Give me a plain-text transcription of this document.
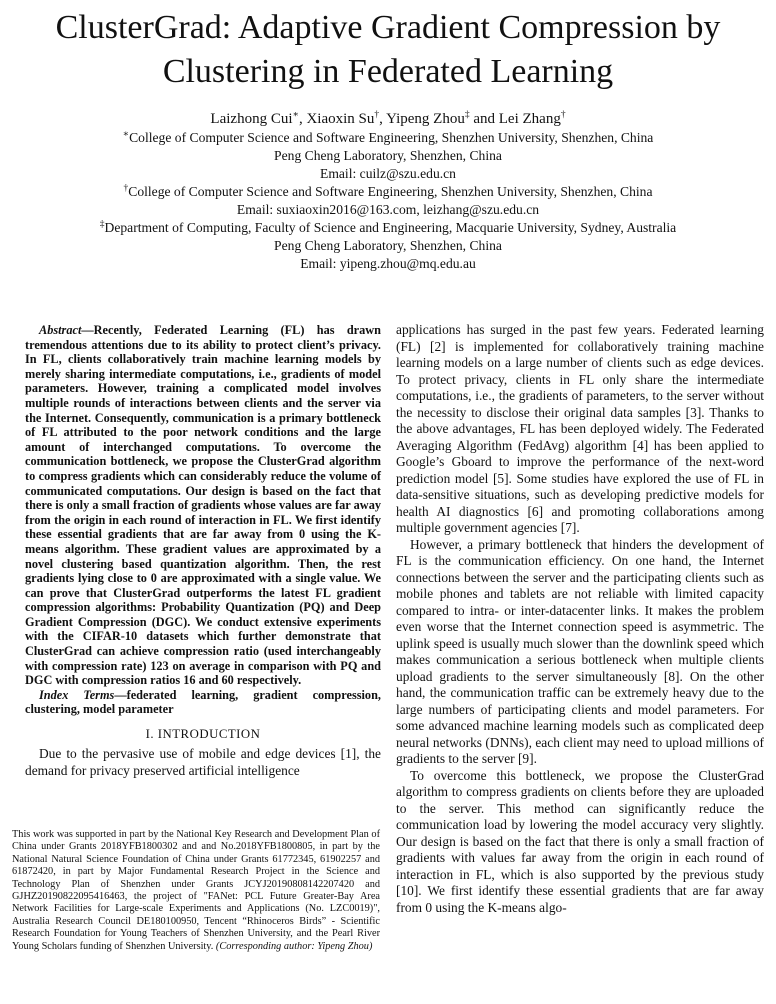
ClusterGrad: Adaptive Gradient Compression by
Clustering in Federated Learning
Laizhong Cui∗, Xiaoxin Su†, Yipeng Zhou‡ and Lei Zhang†
∗College of Computer Science and Software Engineering, Shenzhen University, Shenzhen, China
Peng Cheng Laboratory, Shenzhen, China
Email: cuilz@szu.edu.cn
†College of Computer Science and Software Engineering, Shenzhen University, Shenzhen, China
Email: suxiaoxin2016@163.com, leizhang@szu.edu.cn
‡Department of Computing, Faculty of Science and Engineering, Macquarie University, Sydney, Australia
Peng Cheng Laboratory, Shenzhen, China
Email: yipeng.zhou@mq.edu.au

Abstract—Recently, Federated Learning (FL) has drawn tremendous attentions due to its ability to protect client’s privacy. In FL, clients collaboratively train machine learning models by merely sharing intermediate computations, i.e., gradients of model parameters. However, training a complicated model involves multiple rounds of interactions between clients and the server via the Internet. Consequently, communication is a primary bottleneck of FL attributed to the poor network conditions and the large amount of interchanged computations. To overcome the communication bottleneck, we propose the ClusterGrad algorithm to compress gradients which can considerably reduce the volume of communicated computations. Our design is based on the fact that there is only a small fraction of gradients whose values are far away from the origin in each round of interaction in FL. We first identify these essential gradients that are far away from 0 using the K-means algorithm. These gradient values are approximated by a novel clustering based quantization algorithm. Then, the rest gradients lying close to 0 are approximated with a single value. We can prove that ClusterGrad outperforms the latest FL gradient compression algorithms: Probability Quantization (PQ) and Deep Gradient Compression (DGC). We conduct extensive experiments with the CIFAR-10 datasets which further demonstrate that ClusterGrad can achieve compression ratio (used interchangeably with compression rate) 123 on average in comparison with PQ and DGC with compression ratios 16 and 60 respectively.

Index Terms—federated learning, gradient compression, clustering, model parameter

I. INTRODUCTION

Due to the pervasive use of mobile and edge devices [1], the demand for privacy preserved artificial intelligence

This work was supported in part by the National Key Research and Development Plan of China under Grants 2018YFB1800302 and and No.2018YFB1800805, in part by the National Natural Science Foundation of China under Grants 61772345, 61902257 and 61872420, in part by Major Fundamental Research Project in the Science and Technology Plan of Shenzhen under Grants JCYJ20190808142207420 and GJHZ20190822095416463, the project of "FANet: PCL Future Greater-Bay Area Network Facilities for Large-scale Experiments and Applications (No. LZC0019)", Australia Research Council DE180100950, Tencent “Rhinoceros Birds” - Scientific Research Foundation for Young Teachers of Shenzhen University, and the Pearl River Young Scholars funding of Shenzhen University. (Corresponding author: Yipeng Zhou)

applications has surged in the past few years. Federated learning (FL) [2] is implemented for collaboratively training machine learning models on a large number of clients such as edge devices. To protect privacy, clients in FL only share the intermediate computations, i.e., the gradients of parameters, to the server without the necessity to disclose their original data samples [3]. Thanks to the above advantages, FL has been deployed widely. The Federated Averaging Algorithm (FedAvg) algorithm [4] has been applied to Google’s Gboard to improve the performance of the next-word prediction model [5]. Some studies have explored the use of FL in data-sensitive situations, such as developing predictive models for health AI diagnostics [6] and promoting collaborations among multiple government agencies [7].

However, a primary bottleneck that hinders the development of FL is the communication efficiency. On one hand, the Internet connections between the server and the participating clients such as mobile phones and tablets are not reliable with limited capacity compared to intra- or inter-datacenter links. It makes the problem even worse that the Internet connection speed is asymmetric. The uplink speed is usually much slower than the downlink speed which makes communication a serious bottleneck when multiple clients upload gradients to the server simultaneously [8]. On the other hand, the communication traffic can be extremely heavy due to the large numbers of participating clients and model parameters. For some advanced machine learning models such as complicated deep neural networks (DNNs), each client may need to upload millions of gradients to the server [9].

To overcome this bottleneck, we propose the ClusterGrad algorithm to compress gradients on clients before they are uploaded to the server. This method can significantly reduce the communication load by lowering the model accuracy very slightly. Our design is based on the fact that there is only a small fraction of gradients with values far away from the origin in each round of interaction in FL, which is also supported by the previous study [10]. We first identify these essential gradients that are far away from 0 using the K-means algo-
